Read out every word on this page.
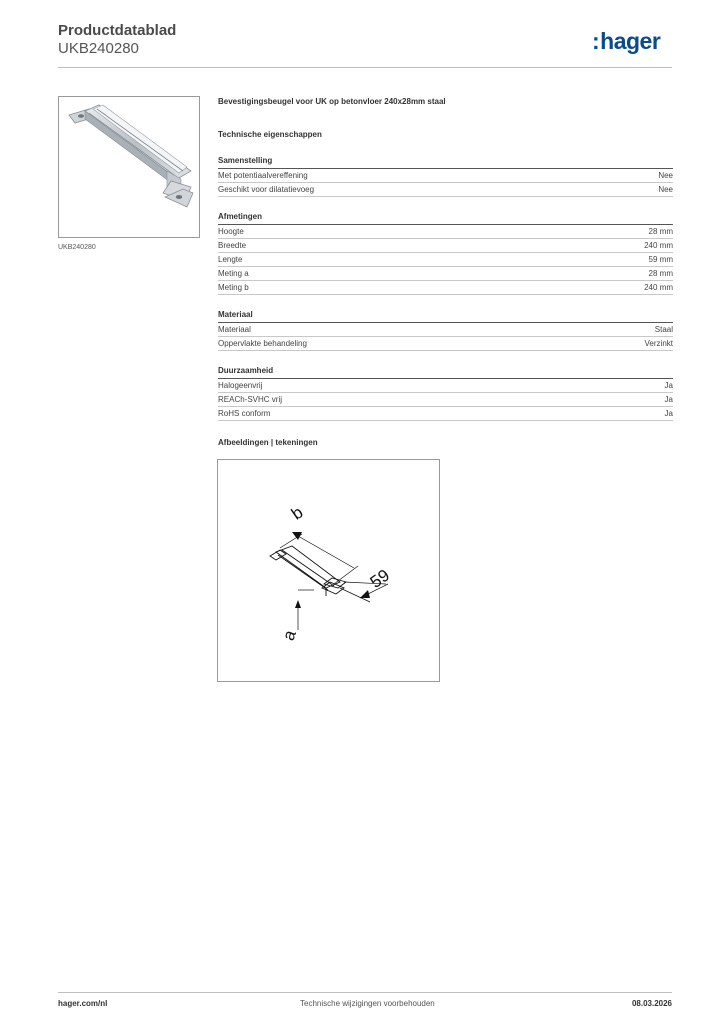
Productdatablad
UKB240280	:hager
UKB240280
Bevestigingsbeugel voor UK op betonvloer 240x28mm staal
Technische eigenschappen
Samenstelling
Met potentiaalvereffening	Nee
Geschikt voor dilatatievoeg	Nee
Afmetingen
Hoogte	28 mm
Breedte	240 mm
Lengte	59 mm
Meting a	28 mm
Meting b	240 mm
Materiaal
Materiaal	Staal
Oppervlakte behandeling	Verzinkt
Duurzaamheid
Halogeenvrij	Ja
REACh-SVHC vrij	Ja
RoHS conform	Ja
Afbeeldingen | tekeningen
b
59
a
hager.com/nl	Technische wijzigingen voorbehouden	08.03.2026
